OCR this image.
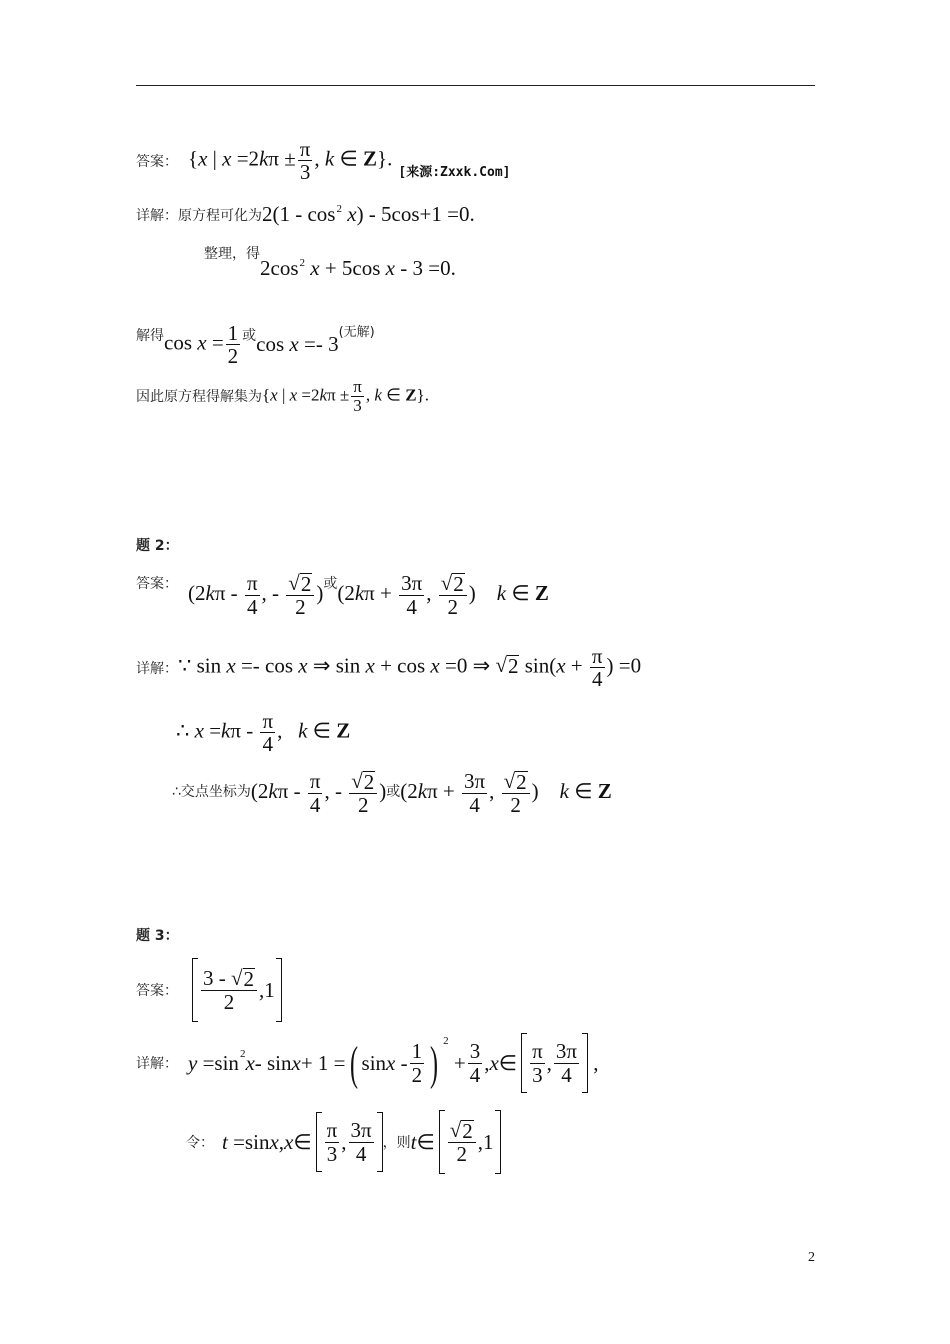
答案： {x | $x =2k\pi \pm \frac{\pi}{3}$ , k ∈ Z}.
[来源:Zxxk.Com]
详解： 原方程可化为 $2(1 - \cos^2 x) - 5\cos+1 =0$.
整理，得
$2\cos^2$ x + 5cos x - 3 =0.
解得 $\cos x = \frac{1}{2}$ 或 cos x =- 3 (无解)
因此原方程得解集为 {x | $x =2k\pi \pm \frac{\pi}{3}$ , k ∈ Z}.
题 2：
答案： ($2k\pi - \frac{\pi}{4}$ , - $\frac{√ 2}{2}$ ) 或 ($2k\pi + \frac{3\pi}{4}$ , $\frac{√ 2}{2}$ )    k ∈ Z
详解： ∵ sin x =- cos x ⇒ sin x + cos x =0 ⇒ √ 2 $\sin(x + \frac{\pi}{4}$ ) =0
∴ $x =k\pi - \frac{\pi}{4}$ ,   k ∈ Z
∴交点坐标为 ($2k\pi - \frac{\pi}{4}$ , - $\frac{√ 2}{2}$ ) 或 ($2k\pi + \frac{3\pi}{4}$ , $\frac{√ 2}{2}$ )    k ∈ Z
题 3：
答案： $\frac{3 - √ 2}{2} ,1$
详解： y =sin 2 x - sin x + 1 = ( sin x - $\frac{1}{2}$ ) 2
+ $\frac{3}{4}$ , x ∈ $\frac{\pi}{3}$ , $\frac{3\pi}{4}$ ,
令： t =sin x , x ∈ $\frac{\pi}{3}$ , $\frac{3\pi}{4}$ ，则 t ∈ $\frac{√ 2}{2} ,1$
2
